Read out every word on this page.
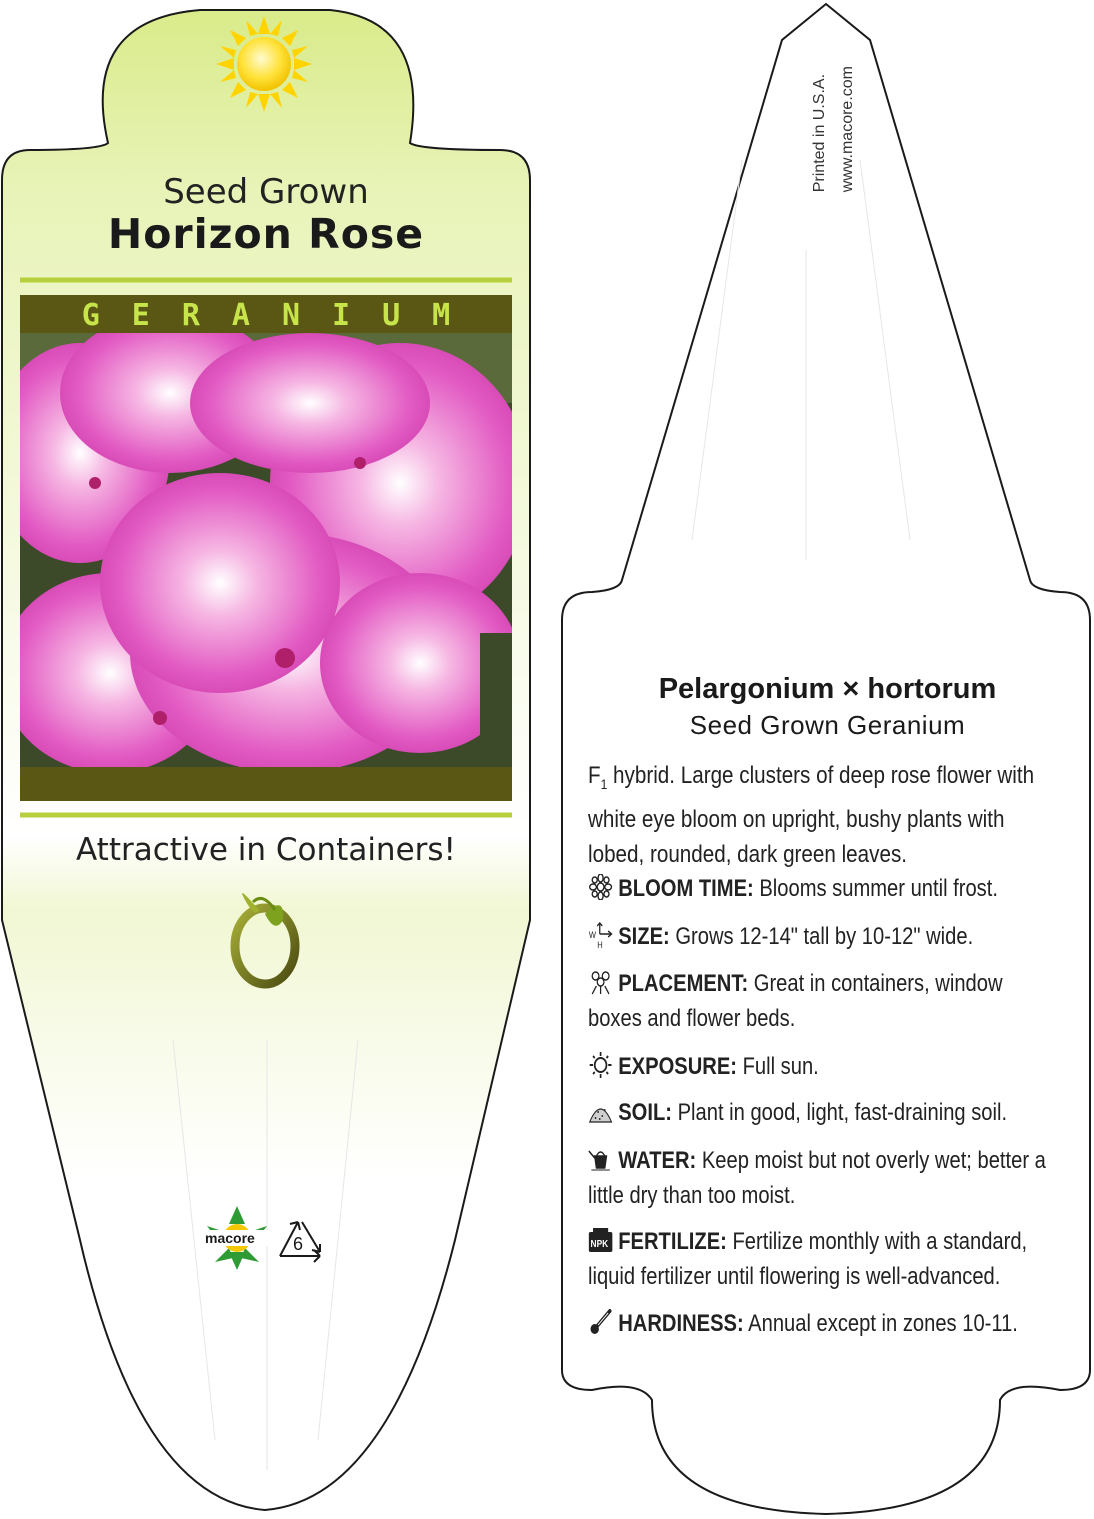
Seed Grown
Horizon Rose
GERANIUM
Attractive in Containers!
macore 6
Printed in U.S.A. www.macore.com
Pelargonium × hortorum
Seed Grown Geranium
$F_1$ hybrid. Large clusters of deep rose flower with white eye bloom on upright, bushy plants with lobed, rounded, dark green leaves.
BLOOM TIME: Blooms summer until frost.
W
H SIZE: Grows 12-14" tall by 10-12" wide.
PLACEMENT: Great in containers, window boxes and flower beds.
EXPOSURE: Full sun.
SOIL: Plant in good, light, fast-draining soil.
WATER: Keep moist but not overly wet; better a little dry than too moist.
NPK FERTILIZE: Fertilize monthly with a standard, liquid fertilizer until flowering is well-advanced.
HARDINESS: Annual except in zones 10-11.
